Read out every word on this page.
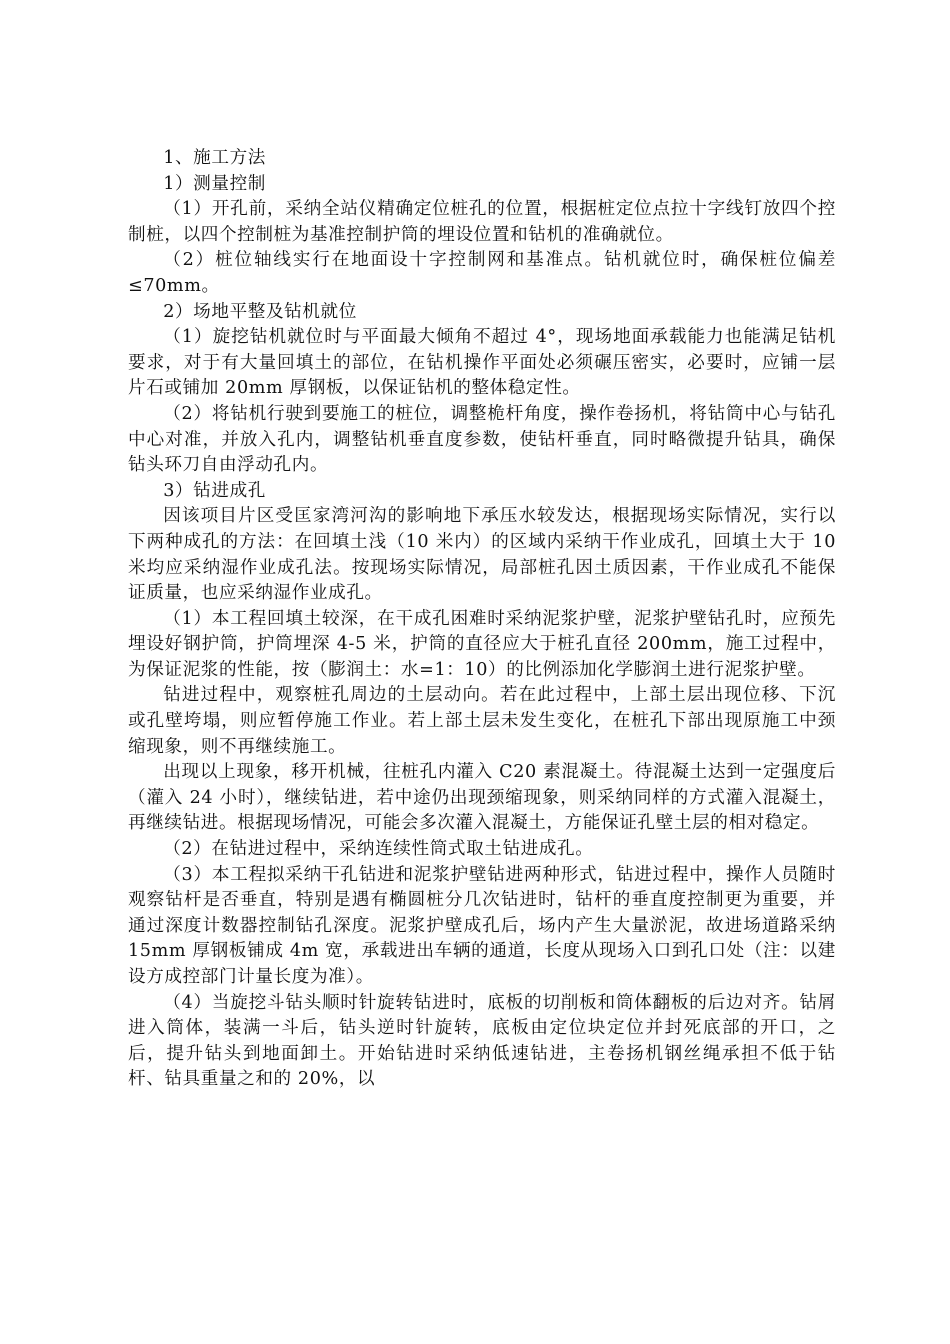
1、施工方法

1）测量控制

（1）开孔前，采纳全站仪精确定位桩孔的位置，根据桩定位点拉十字线钉放四个控制桩，以四个控制桩为基准控制护筒的埋设位置和钻机的准确就位。

（2）桩位轴线实行在地面设十字控制网和基准点。钻机就位时，确保桩位偏差≤70mm。

2）场地平整及钻机就位

（1）旋挖钻机就位时与平面最大倾角不超过 4°，现场地面承载能力也能满足钻机要求，对于有大量回填土的部位，在钻机操作平面处必须碾压密实，必要时，应铺一层片石或铺加 20mm 厚钢板，以保证钻机的整体稳定性。

（2）将钻机行驶到要施工的桩位，调整桅杆角度，操作卷扬机，将钻筒中心与钻孔中心对准，并放入孔内，调整钻机垂直度参数，使钻杆垂直，同时略微提升钻具，确保钻头环刀自由浮动孔内。

3）钻进成孔

因该项目片区受匡家湾河沟的影响地下承压水较发达，根据现场实际情况，实行以下两种成孔的方法：在回填土浅（10 米内）的区域内采纳干作业成孔，回填土大于 10 米均应采纳湿作业成孔法。按现场实际情况，局部桩孔因土质因素，干作业成孔不能保证质量，也应采纳湿作业成孔。

（1）本工程回填土较深，在干成孔困难时采纳泥浆护壁，泥浆护壁钻孔时，应预先埋设好钢护筒，护筒埋深 4-5 米，护筒的直径应大于桩孔直径 200mm，施工过程中，为保证泥浆的性能，按（膨润土：水=1：10）的比例添加化学膨润土进行泥浆护壁。

钻进过程中，观察桩孔周边的土层动向。若在此过程中，上部土层出现位移、下沉或孔壁垮塌，则应暂停施工作业。若上部土层未发生变化，在桩孔下部出现原施工中颈缩现象，则不再继续施工。

出现以上现象，移开机械，往桩孔内灌入 C20 素混凝土。待混凝土达到一定强度后（灌入 24 小时），继续钻进，若中途仍出现颈缩现象，则采纳同样的方式灌入混凝土，再继续钻进。根据现场情况，可能会多次灌入混凝土，方能保证孔壁土层的相对稳定。

（2）在钻进过程中，采纳连续性筒式取土钻进成孔。

（3）本工程拟采纳干孔钻进和泥浆护壁钻进两种形式，钻进过程中，操作人员随时观察钻杆是否垂直，特别是遇有椭圆桩分几次钻进时，钻杆的垂直度控制更为重要，并通过深度计数器控制钻孔深度。泥浆护壁成孔后，场内产生大量淤泥，故进场道路采纳 15mm 厚钢板铺成 4m 宽，承载进出车辆的通道，长度从现场入口到孔口处（注：以建设方成控部门计量长度为准）。

（4）当旋挖斗钻头顺时针旋转钻进时，底板的切削板和筒体翻板的后边对齐。钻屑进入筒体，装满一斗后，钻头逆时针旋转，底板由定位块定位并封死底部的开口，之后，提升钻头到地面卸土。开始钻进时采纳低速钻进，主卷扬机钢丝绳承担不低于钻杆、钻具重量之和的 20%，以
